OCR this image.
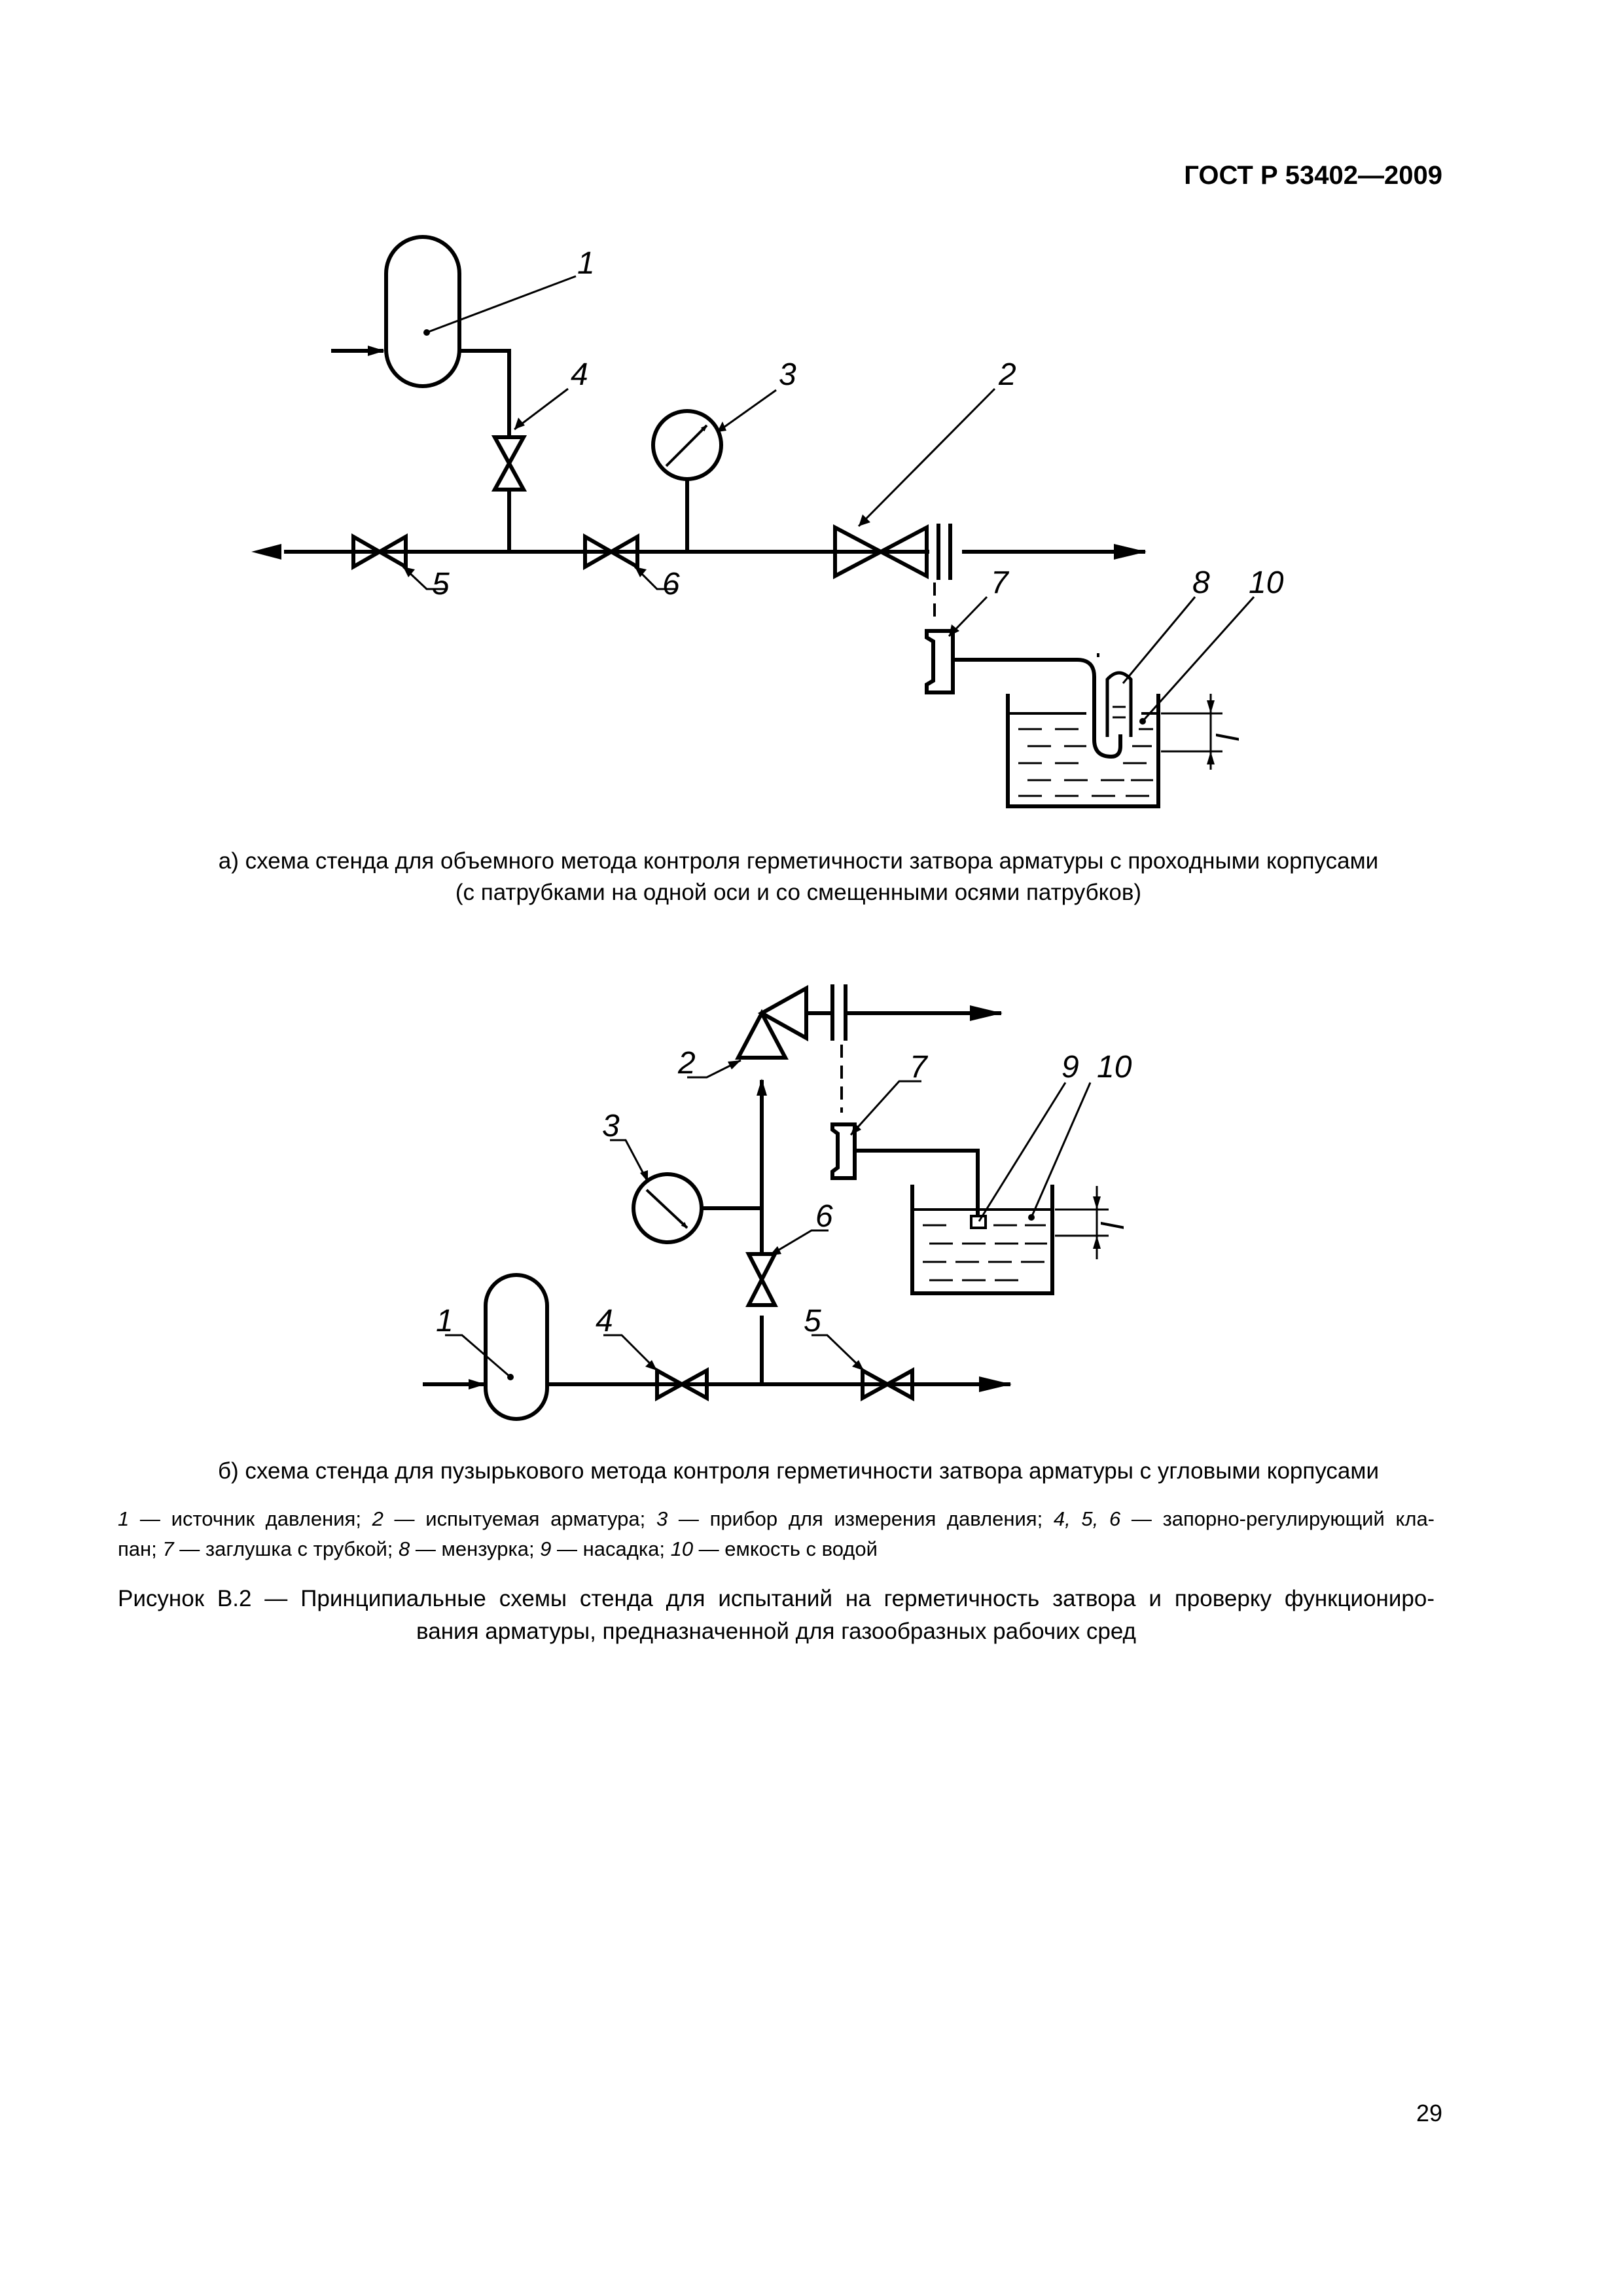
ГОСТ Р 53402—2009
1
4	3	2
5	6	7	8 10
l
1
2
3
4	5
6
7	9 10
l
а) схема стенда для объемного метода контроля герметичности затвора арматуры с проходными корпусами
(с патрубками на одной оси и со смещенными осями патрубков)
б) схема стенда для пузырькового метода контроля герметичности затвора арматуры с угловыми корпусами
1 — источник давления; 2 — испытуемая арматура; 3 — прибор для измерения давления; 4, 5, 6 — запорно-регулирующий кла-
пан; 7 — заглушка с трубкой; 8 — мензурка; 9 — насадка; 10 — емкость с водой
Рисунок В.2 — Принципиальные схемы стенда для испытаний на герметичность затвора и проверку функциониро-
вания арматуры, предназначенной для газообразных рабочих сред
29
